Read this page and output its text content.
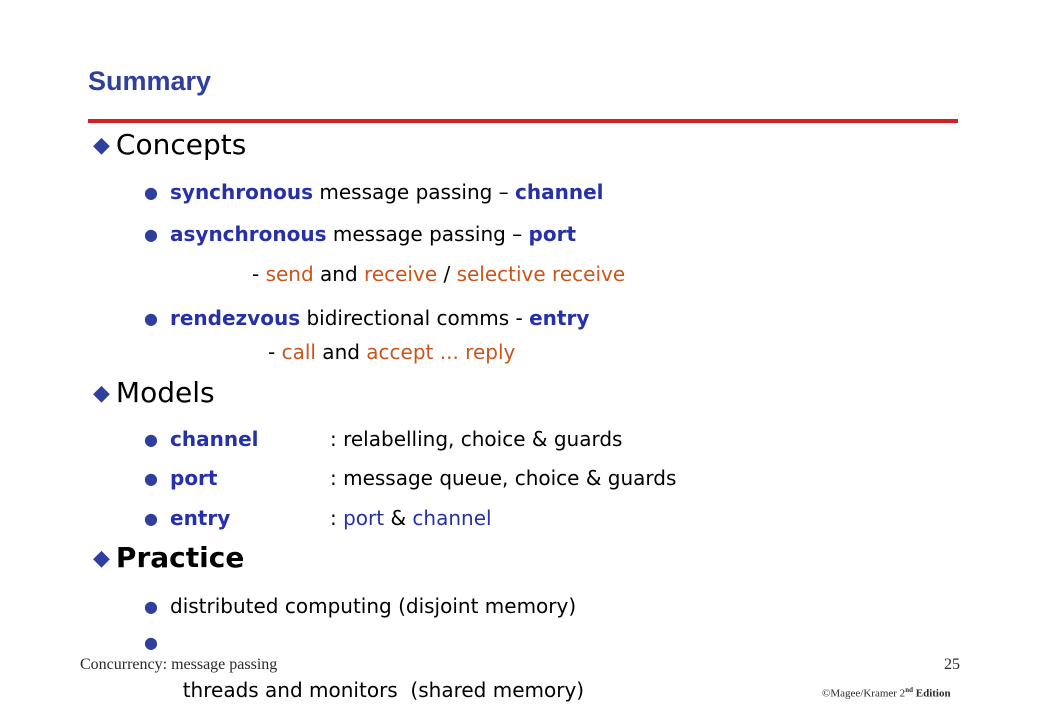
Summary
◆ Concepts
● synchronous message passing – channel
● asynchronous message passing – port
- send and receive / selective receive
● rendezvous bidirectional comms - entry
- call and accept ... reply
◆ Models
● channel	: relabelling, choice & guards
● port	: message queue, choice & guards
● entry	: port & channel
◆ Practice
● distributed computing (disjoint memory)

●

threads and monitors  (shared memory)

Concurrency: message passing	25
©Magee/Kramer 2nd Edition
